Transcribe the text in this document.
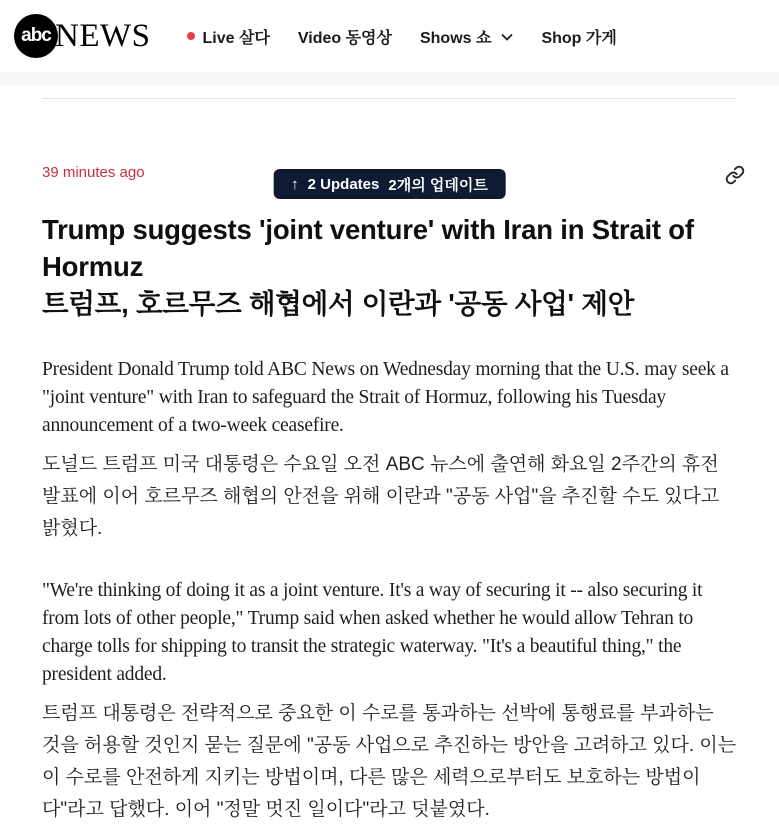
abc NEWS	Live 살다 Video 동영상 Shows 쇼	Shop 가게
39 minutes ago
↑ 2 Updates 2개의 업데이트
Trump suggests 'joint venture' with Iran in Strait of Hormuz
트럼프, 호르무즈 해협에서 이란과 '공동 사업' 제안

President Donald Trump told ABC News on Wednesday morning that the U.S. may seek a "joint venture" with Iran to safeguard the Strait of Hormuz, following his Tuesday announcement of a two-week ceasefire.

도널드 트럼프 미국 대통령은 수요일 오전 ABC 뉴스에 출연해 화요일 2주간의 휴전 발표에 이어 호르무즈 해협의 안전을 위해 이란과 "공동 사업"을 추진할 수도 있다고 밝혔다.

"We're thinking of doing it as a joint venture. It's a way of securing it -- also securing it from lots of other people," Trump said when asked whether he would allow Tehran to charge tolls for shipping to transit the strategic waterway. "It's a beautiful thing," the president added.

트럼프 대통령은 전략적으로 중요한 이 수로를 통과하는 선박에 통행료를 부과하는 것을 허용할 것인지 묻는 질문에 "공동 사업으로 추진하는 방안을 고려하고 있다. 이는 이 수로를 안전하게 지키는 방법이며, 다른 많은 세력으로부터도 보호하는 방법이다"라고 답했다. 이어 "정말 멋진 일이다"라고 덧붙였다.
